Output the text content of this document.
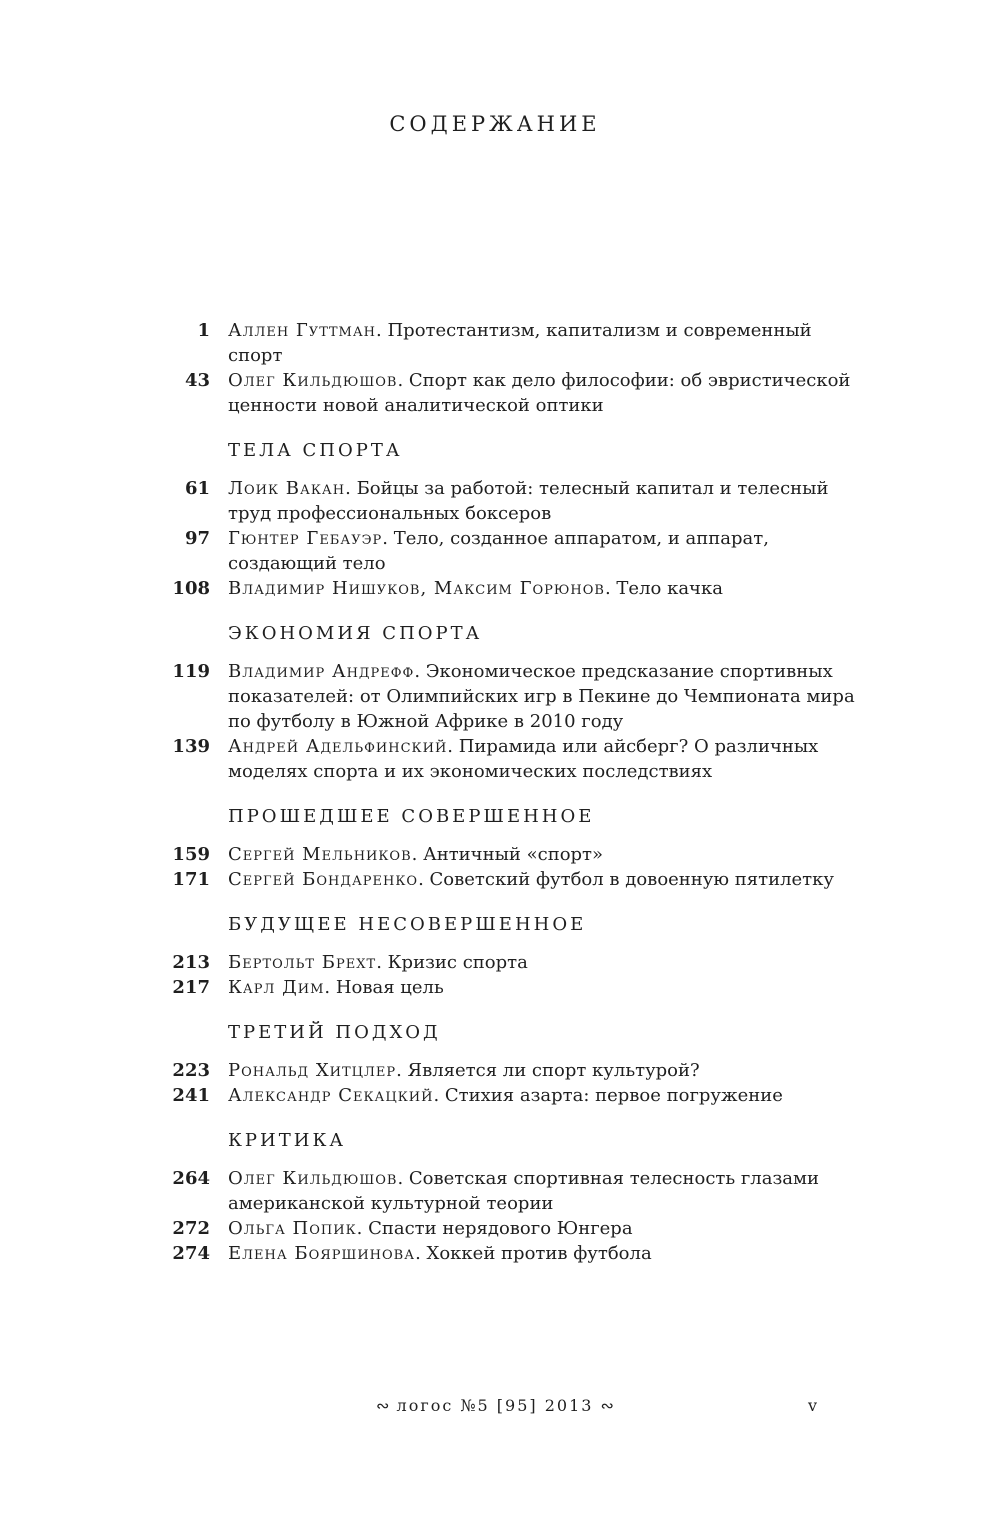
СОДЕРЖАНИЕ
1 Аллен Гуттман. Протестантизм, капитализм и современный спорт
43 Олег Кильдюшов. Спорт как дело философии: об эвристической ценности новой аналитической оптики
ТЕЛА СПОРТА
61 Лоик Вакан. Бойцы за работой: телесный капитал и телесный труд профессиональных боксеров
97 Гюнтер Гебауэр. Тело, созданное аппаратом, и аппарат, создающий тело
108 Владимир Нишуков, Максим Горюнов. Тело качка
ЭКОНОМИЯ СПОРТА
119 Владимир Андрефф. Экономическое предсказание спортивных показателей: от Олимпийских игр в Пекине до Чемпионата мира по футболу в Южной Африке в 2010 году
139 Андрей Адельфинский. Пирамида или айсберг? О различных моделях спорта и их экономических последствиях
ПРОШЕДШЕЕ СОВЕРШЕННОЕ
159 Сергей Мельников. Античный «спорт»
171 Сергей Бондаренко. Советский футбол в довоенную пятилетку
БУДУЩЕЕ НЕСОВЕРШЕННОЕ
213 Бертольт Брехт. Кризис спорта
217 Карл Дим. Новая цель
ТРЕТИЙ ПОДХОД
223 Рональд Хитцлер. Является ли спорт культурой?
241 Александр Секацкий. Стихия азарта: первое погружение
КРИТИКА
264 Олег Кильдюшов. Советская спортивная телесность глазами американской культурной теории
272 Ольга Попик. Спасти нерядового Юнгера
274 Елена Бояршинова. Хоккей против футбола
∾ логос №5 [95] 2013 ∾	v
